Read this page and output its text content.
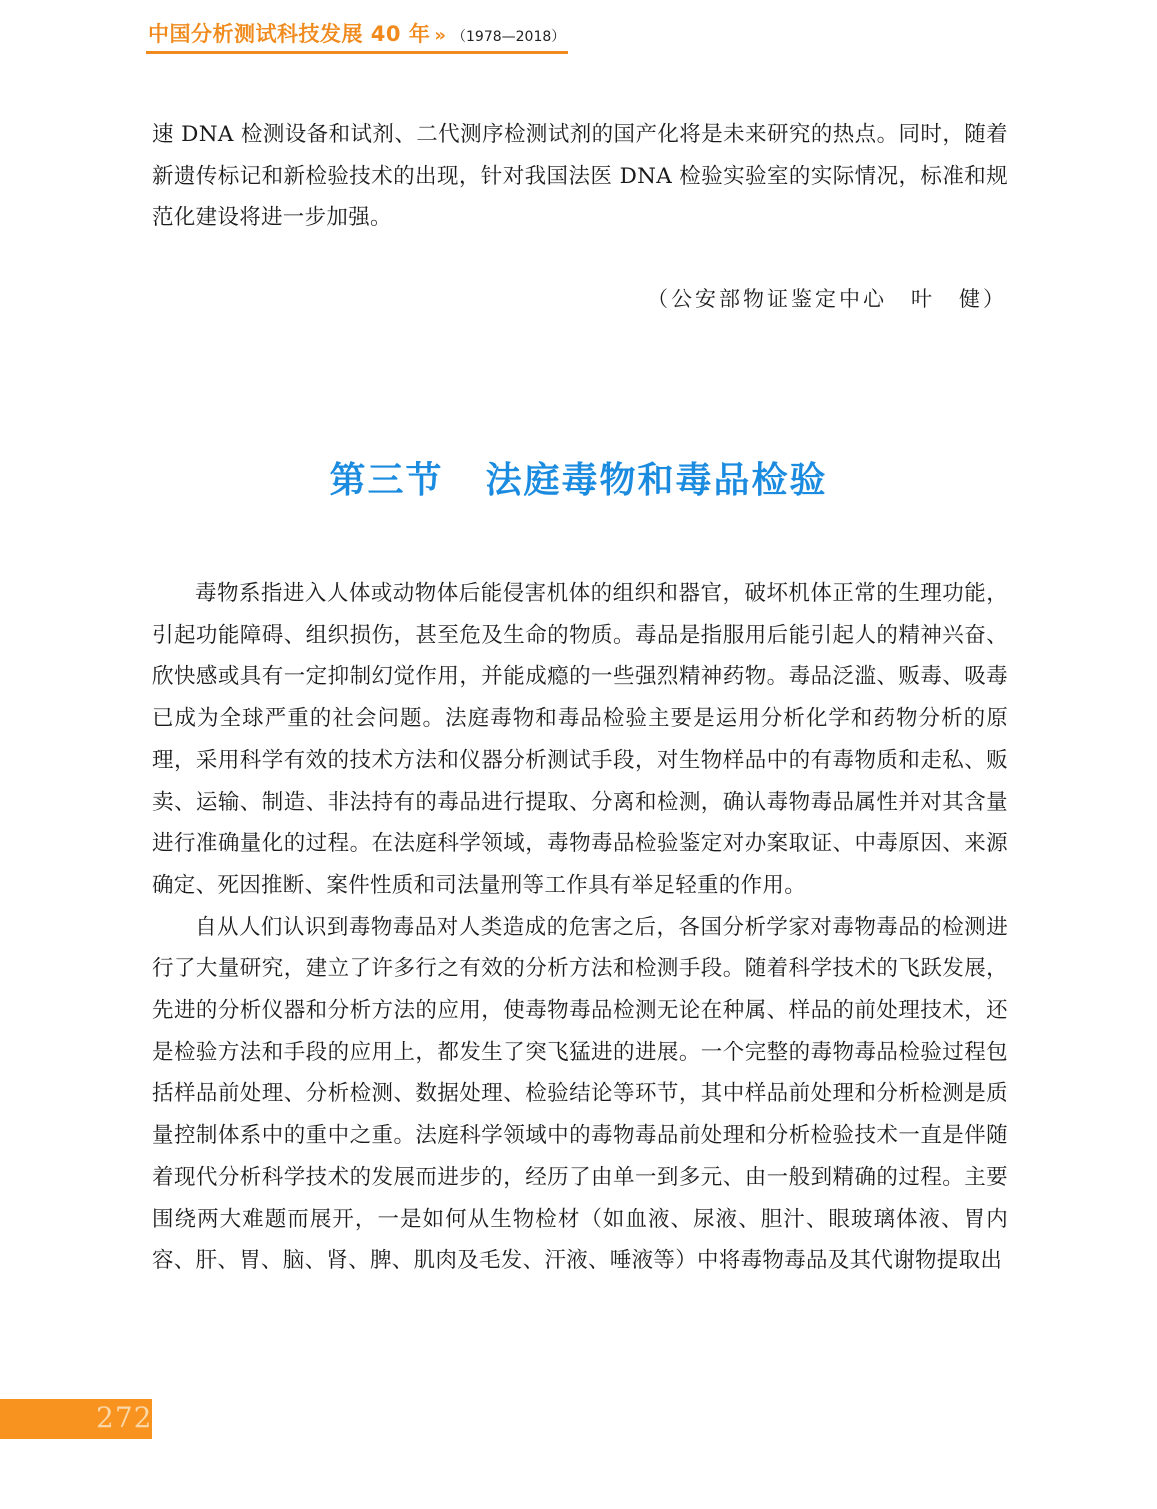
中国分析测试科技发展 40 年 » （1978—2018）

速 DNA 检测设备和试剂、二代测序检测试剂的国产化将是未来研究的热点。同时，随着新遗传标记和新检验技术的出现，针对我国法医 DNA 检验实验室的实际情况，标准和规范化建设将进一步加强。

（公安部物证鉴定中心　叶　健）
第三节 法庭毒物和毒品检验

毒物系指进入人体或动物体后能侵害机体的组织和器官，破坏机体正常的生理功能，引起功能障碍、组织损伤，甚至危及生命的物质。毒品是指服用后能引起人的精神兴奋、欣快感或具有一定抑制幻觉作用，并能成瘾的一些强烈精神药物。毒品泛滥、贩毒、吸毒已成为全球严重的社会问题。法庭毒物和毒品检验主要是运用分析化学和药物分析的原理，采用科学有效的技术方法和仪器分析测试手段，对生物样品中的有毒物质和走私、贩卖、运输、制造、非法持有的毒品进行提取、分离和检测，确认毒物毒品属性并对其含量进行准确量化的过程。在法庭科学领域，毒物毒品检验鉴定对办案取证、中毒原因、来源确定、死因推断、案件性质和司法量刑等工作具有举足轻重的作用。

自从人们认识到毒物毒品对人类造成的危害之后，各国分析学家对毒物毒品的检测进行了大量研究，建立了许多行之有效的分析方法和检测手段。随着科学技术的飞跃发展，先进的分析仪器和分析方法的应用，使毒物毒品检测无论在种属、样品的前处理技术，还是检验方法和手段的应用上，都发生了突飞猛进的进展。一个完整的毒物毒品检验过程包括样品前处理、分析检测、数据处理、检验结论等环节，其中样品前处理和分析检测是质量控制体系中的重中之重。法庭科学领域中的毒物毒品前处理和分析检验技术一直是伴随着现代分析科学技术的发展而进步的，经历了由单一到多元、由一般到精确的过程。主要围绕两大难题而展开，一是如何从生物检材（如血液、尿液、胆汁、眼玻璃体液、胃内容、肝、胃、脑、肾、脾、肌肉及毛发、汗液、唾液等）中将毒物毒品及其代谢物提取出

272
